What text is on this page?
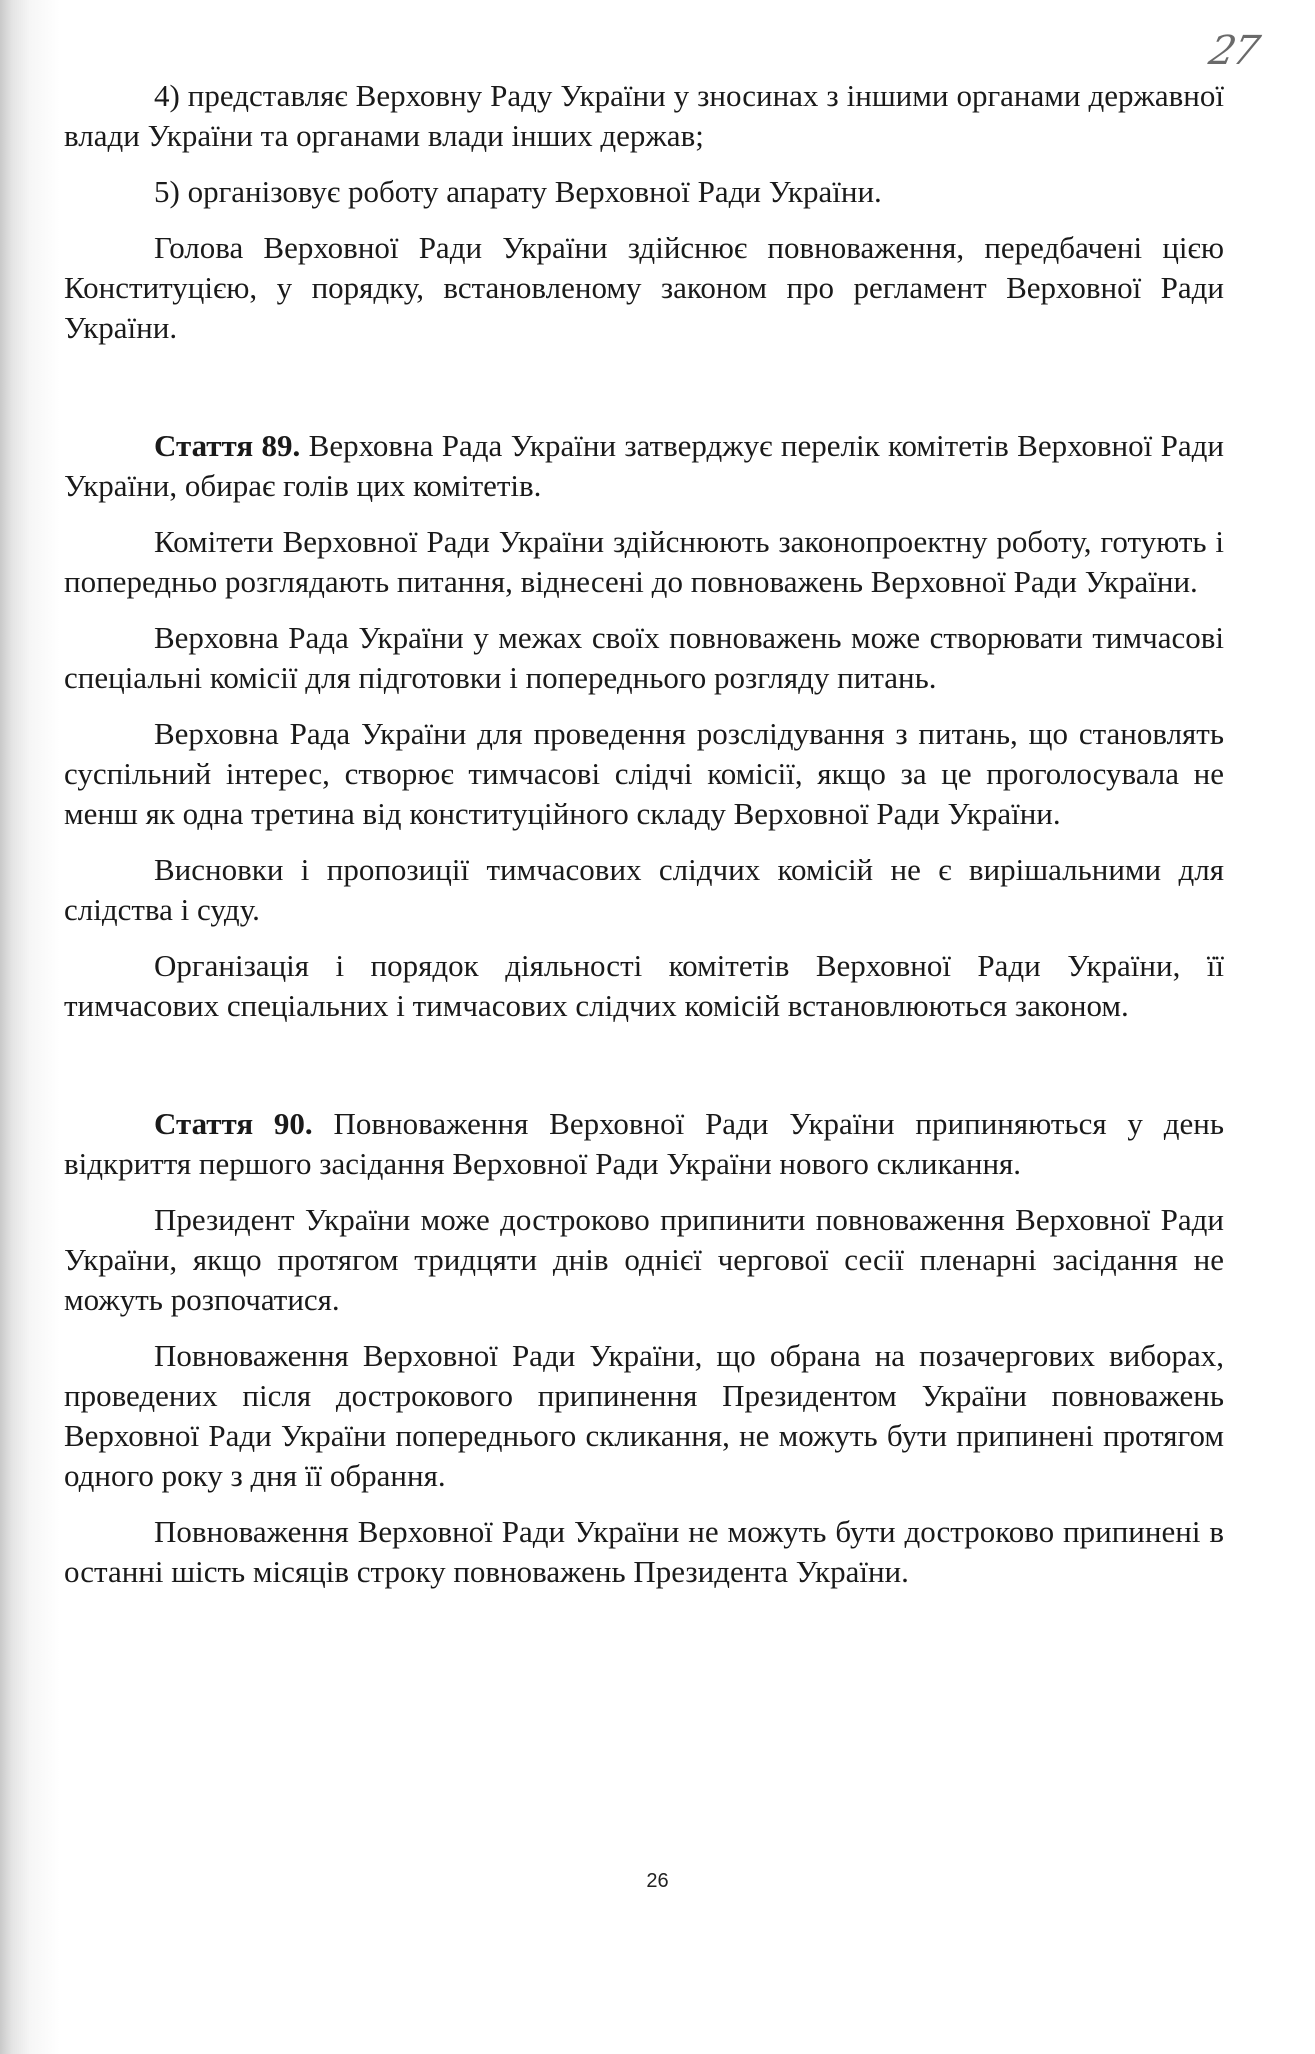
27

4) представляє Верховну Раду України у зносинах з іншими органами державної влади України та органами влади інших держав;

5) організовує роботу апарату Верховної Ради України.

Голова Верховної Ради України здійснює повноваження, передбачені цією Конституцією, у порядку, встановленому законом про регламент Верховної Ради України.

Стаття 89. Верховна Рада України затверджує перелік комітетів Верховної Ради України, обирає голів цих комітетів.

Комітети Верховної Ради України здійснюють законопроектну роботу, готують і попередньо розглядають питання, віднесені до повноважень Верховної Ради України.

Верховна Рада України у межах своїх повноважень може створювати тимчасові спеціальні комісії для підготовки і попереднього розгляду питань.

Верховна Рада України для проведення розслідування з питань, що становлять суспільний інтерес, створює тимчасові слідчі комісії, якщо за це проголосувала не менш як одна третина від конституційного складу Верховної Ради України.

Висновки і пропозиції тимчасових слідчих комісій не є вирішальними для слідства і суду.

Організація і порядок діяльності комітетів Верховної Ради України, її тимчасових спеціальних і тимчасових слідчих комісій встановлюються законом.

Стаття 90. Повноваження Верховної Ради України припиняються у день відкриття першого засідання Верховної Ради України нового скликання.

Президент України може достроково припинити повноваження Верховної Ради України, якщо протягом тридцяти днів однієї чергової сесії пленарні засідання не можуть розпочатися.

Повноваження Верховної Ради України, що обрана на позачергових виборах, проведених після дострокового припинення Президентом України повноважень Верховної Ради України попереднього скликання, не можуть бути припинені протягом одного року з дня її обрання.

Повноваження Верховної Ради України не можуть бути достроково припинені в останні шість місяців строку повноважень Президента України.

26
